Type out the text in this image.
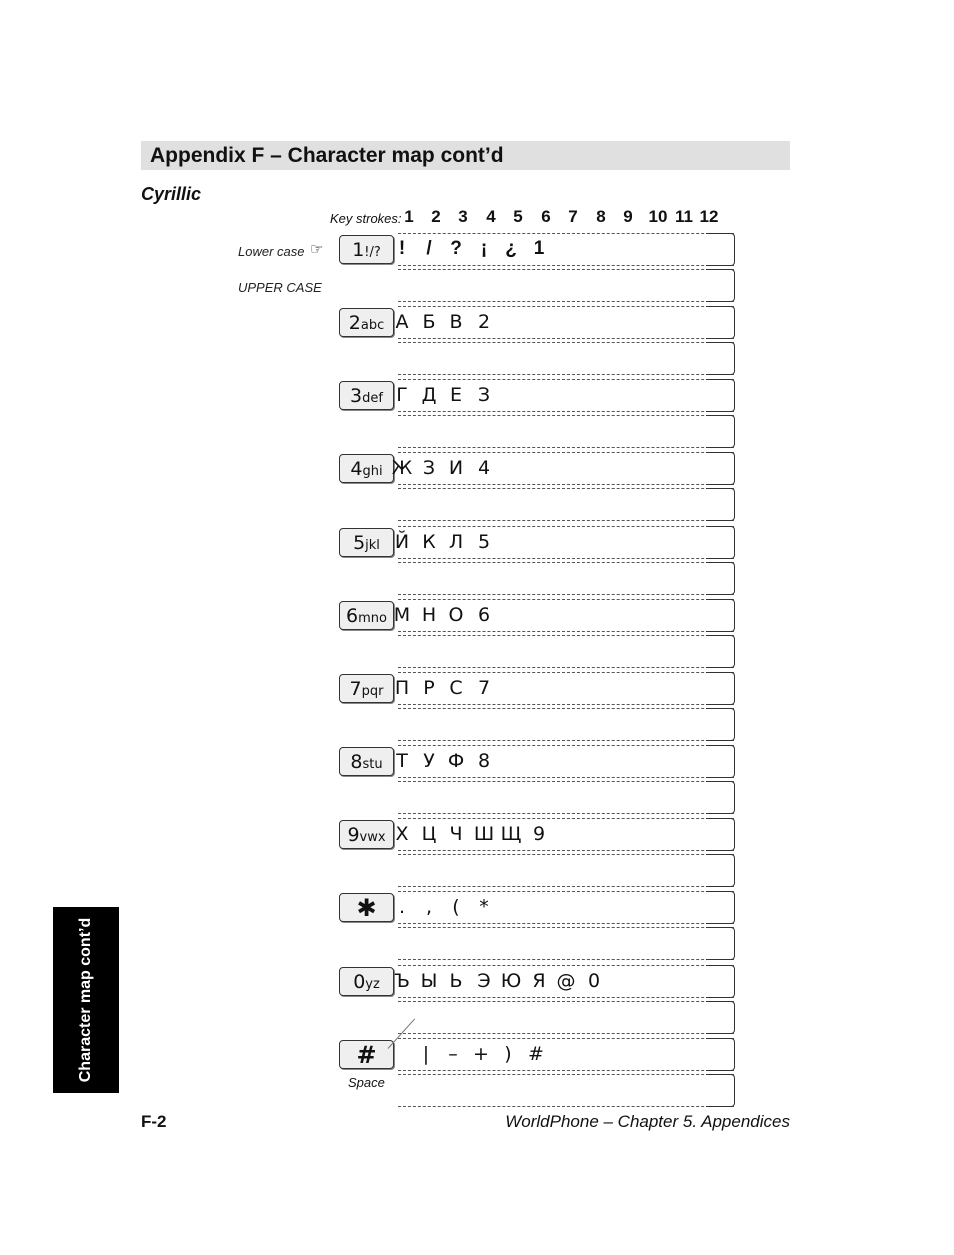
Appendix F – Character map cont’d
Cyrillic
Key strokes: 1	2	3	4	5	6	7	8	9 10 11 12
Lower case ☞
UPPER CASE
1!/? !	/ ?	¡ ¿ 1
2abc А Б В 2
3def Г Д Е З
4ghi Ж З И 4
5jkl Й К Л 5
6mno М Н О 6
7pqr П Р С 7
8stu Т У Ф 8
9vwx Х Ц Ч Ш Щ 9
✱	.	,	(	*
0yz Ъ Ы Ь Э Ю Я @ 0
#	|	– + ) #
Space
Character map cont’d
F-2	WorldPhone – Chapter 5. Appendices
